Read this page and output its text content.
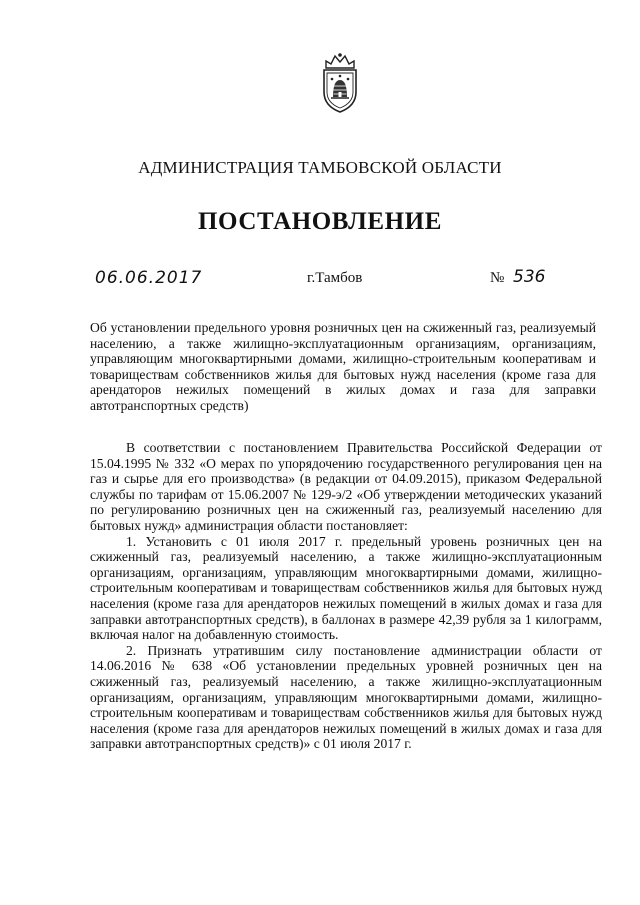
АДМИНИСТРАЦИЯ ТАМБОВСКОЙ ОБЛАСТИ
ПОСТАНОВЛЕНИЕ
06.06.2017	г.Тамбов	№ 536

Об установлении предельного уровня розничных цен на сжиженный газ, реализуемый населению, а также жилищно-эксплуатационным организациям, организациям, управляющим многоквартирными домами, жилищно-строительным кооперативам и товариществам собственников жилья для бытовых нужд населения (кроме газа для арендаторов нежилых помещений в жилых домах и газа для заправки автотранспортных средств)

В соответствии с постановлением Правительства Российской Федерации от 15.04.1995 № 332 «О мерах по упорядочению государственного регулирования цен на газ и сырье для его производства» (в редакции от 04.09.2015), приказом Федеральной службы по тарифам от 15.06.2007 № 129-э/2 «Об утверждении методических указаний по регулированию розничных цен на сжиженный газ, реализуемый населению для бытовых нужд» администрация области постановляет:

1. Установить с 01 июля 2017 г. предельный уровень розничных цен на сжиженный газ, реализуемый населению, а также жилищно-эксплуатационным организациям, организациям, управляющим многоквартирными домами, жилищно-строительным кооперативам и товариществам собственников жилья для бытовых нужд населения (кроме газа для арендаторов нежилых помещений в жилых домах и газа для заправки автотранспортных средств), в баллонах в размере 42,39 рубля за 1 килограмм, включая налог на добавленную стоимость.

2. Признать утратившим силу постановление администрации области от 14.06.2016 № 638 «Об установлении предельных уровней розничных цен на сжиженный газ, реализуемый населению, а также жилищно-эксплуатационным организациям, организациям, управляющим многоквартирными домами, жилищно-строительным кооперативам и товариществам собственников жилья для бытовых нужд населения (кроме газа для арендаторов нежилых помещений в жилых домах и газа для заправки автотранспортных средств)» с 01 июля 2017 г.
